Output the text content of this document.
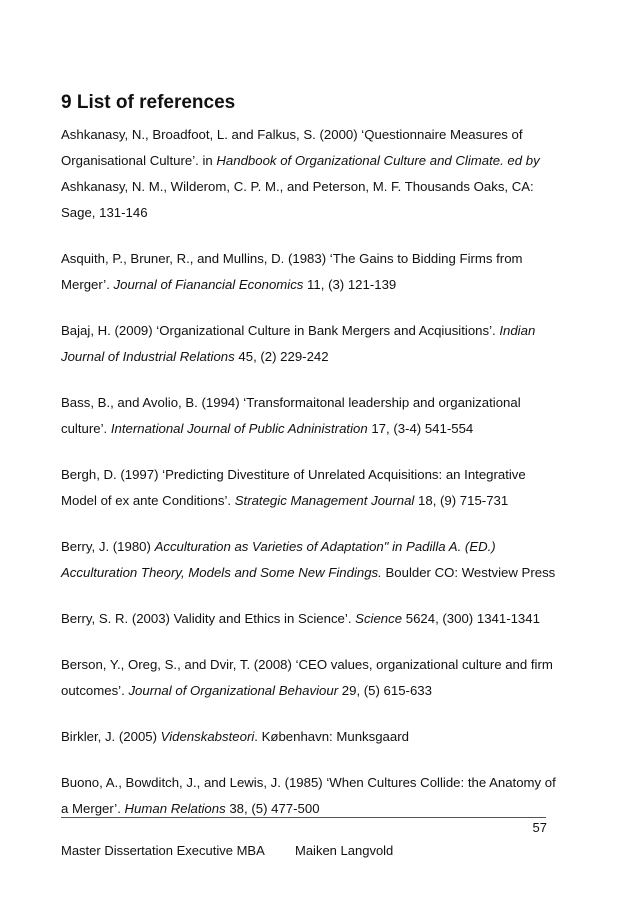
9 List of references

Ashkanasy, N., Broadfoot, L. and Falkus, S. (2000) ‘Questionnaire Measures of
Organisational Culture’. in Handbook of Organizational Culture and Climate. ed by
Ashkanasy, N. M., Wilderom, C. P. M., and Peterson, M. F. Thousands Oaks, CA:
Sage, 131-146

Asquith, P., Bruner, R., and Mullins, D. (1983) ‘The Gains to Bidding Firms from
Merger’. Journal of Fianancial Economics 11, (3) 121-139

Bajaj, H. (2009) ‘Organizational Culture in Bank Mergers and Acqiusitions’. Indian
Journal of Industrial Relations 45, (2) 229-242

Bass, B., and Avolio, B. (1994) ‘Transformaitonal leadership and organizational
culture’. International Journal of Public Adninistration 17, (3-4) 541-554

Bergh, D. (1997) ‘Predicting Divestiture of Unrelated Acquisitions: an Integrative
Model of ex ante Conditions’. Strategic Management Journal 18, (9) 715-731

Berry, J. (1980) Acculturation as Varieties of Adaptation" in Padilla A. (ED.)
Acculturation Theory, Models and Some New Findings. Boulder CO: Westview Press

Berry, S. R. (2003) Validity and Ethics in Science’. Science 5624, (300) 1341-1341

Berson, Y., Oreg, S., and Dvir, T. (2008) ‘CEO values, organizational culture and firm
outcomes’. Journal of Organizational Behaviour 29, (5) 615-633

Birkler, J. (2005) Videnskabsteori. København: Munksgaard

Buono, A., Bowditch, J., and Lewis, J. (1985) ‘When Cultures Collide: the Anatomy of
a Merger’. Human Relations 38, (5) 477-500

57
Master Dissertation Executive MBA Maiken Langvold
